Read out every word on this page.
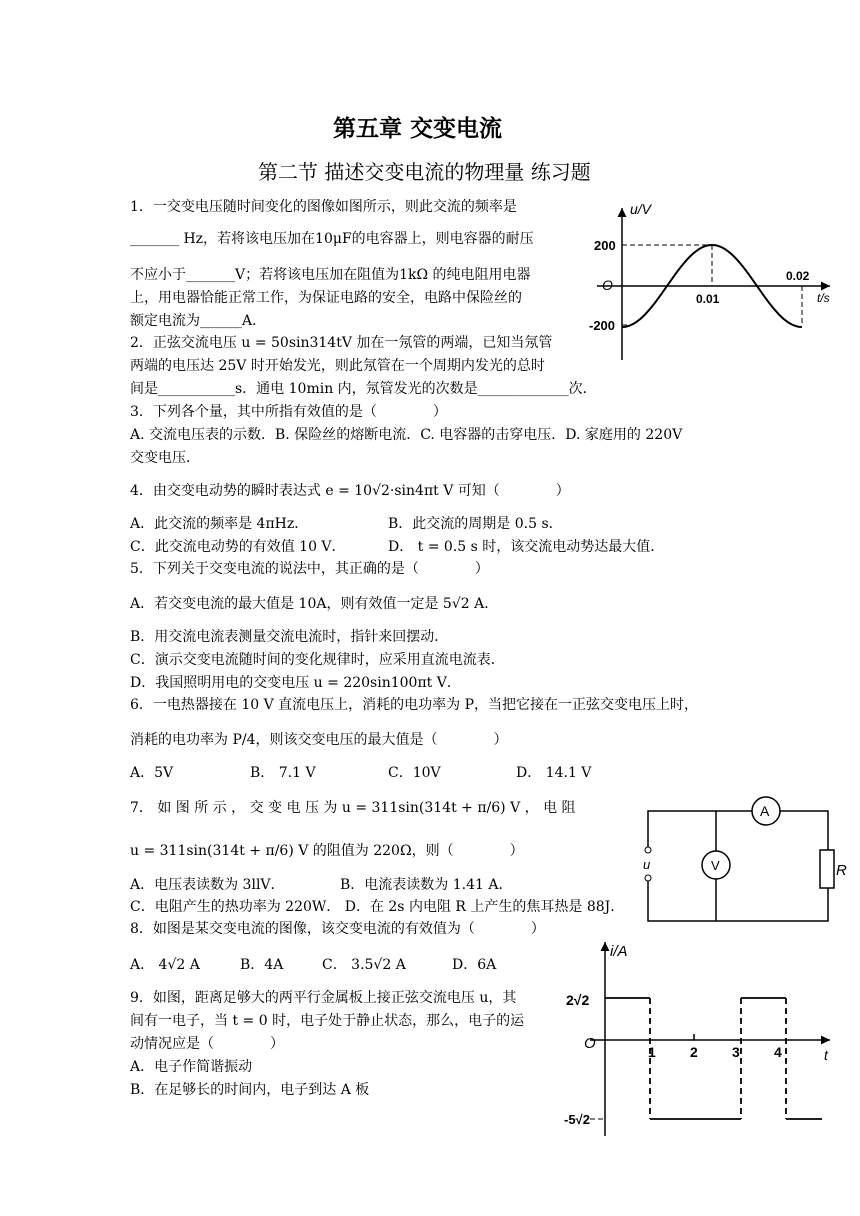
第五章 交变电流
第二节 描述交变电流的物理量 练习题
1．一交变电压随时间变化的图像如图所示，则此交流的频率是
_______ Hz，若将该电压加在10μF的电容器上，则电容器的耐压
不应小于_______V；若将该电压加在阻值为1kΩ 的纯电阻用电器
上，用电器恰能正常工作，为保证电路的安全，电路中保险丝的
额定电流为______A．
2．正弦交流电压 u = 50sin314tV 加在一氖管的两端，已知当氖管
两端的电压达 25V 时开始发光，则此氖管在一个周期内发光的总时
间是___________s．通电 10min 内，氖管发光的次数是_____________次．
3．下列各个量，其中所指有效值的是（　　　　）
A. 交流电压表的示数．B. 保险丝的熔断电流．C. 电容器的击穿电压．D. 家庭用的 220V
交变电压．
4．由交变电动势的瞬时表达式 e = 10√2·sin4πt V 可知（　　　　）
A．此交流的频率是 4πHz．	B．此交流的周期是 0.5 s．
C．此交流电动势的有效值 10 V．	D． t = 0.5 s 时，该交流电动势达最大值．
5．下列关于交变电流的说法中，其正确的是（　　　　）
A．若交变电流的最大值是 10A，则有效值一定是 5√2 A．
B．用交流电流表测量交流电流时，指针来回摆动．
C．演示交变电流随时间的变化规律时，应采用直流电流表．
D．我国照明用电的交变电压 u = 220sin100πt V．
6．一电热器接在 10 V 直流电压上，消耗的电功率为 P，当把它接在一正弦交变电压上时，
消耗的电功率为 P/4，则该交变电压的最大值是（　　　　）
A．5V	B． 7.1 V	C．10V	D． 14.1 V
7． 如 图 所 示 ， 交 变 电 压 为 u = 311sin(314t + π/6) V ， 电 阻
u = 311sin(314t + π/6) V 的阻值为 220Ω，则（　　　　）
A．电压表读数为 3llV．	B．电流表读数为 1.41 A．
C．电阻产生的热功率为 220W． D．在 2s 内电阻 R 上产生的焦耳热是 88J．
8．如图是某交变电流的图像，该交变电流的有效值为（　　　　）
A． 4√2 A	B．4A	C． 3.5√2 A	D．6A
9．如图，距离足够大的两平行金属板上接正弦交流电压 u，其
间有一电子，当 t = 0 时，电子处于静止状态，那么，电子的运
动情况应是（　　　　）
A．电子作简谐振动
B．在足够长的时间内，电子到达 A 板
u/V
t/s
O
200
-200
0.01
0.02
A
V	R
u
i/A
t
O
2√2
-5√2
1 2 3 4
